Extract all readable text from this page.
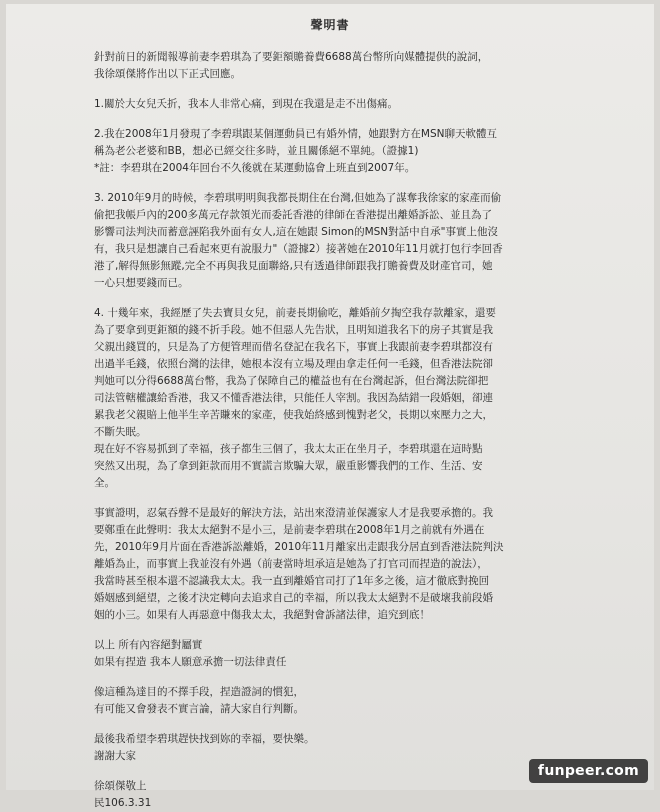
聲明書
針對前日的新聞報導前妻李碧琪為了要鉅額贍養費6688萬台幣所向媒體提供的說詞，
我徐頌傑將作出以下正式回應。
1.關於大女兒夭折，我本人非常心痛，到現在我還是走不出傷痛。
2.我在2008年1月發現了李碧琪跟某個運動員已有婚外情，她跟對方在MSN聊天軟體互
稱為老公老婆和BB，想必已經交往多時，並且關係絕不單純。（證據1)
*註：李碧琪在2004年回台不久後就在某運動協會上班直到2007年。
3. 2010年9月的時候，李碧琪明明與我都長期住在台灣,但她為了謀奪我徐家的家產而偷
偷把我帳戶內的200多萬元存款領光而委託香港的律師在香港提出離婚訴訟、並且為了
影響司法判決而蓄意誣陷我外面有女人,這在她跟 Simon的MSN對話中自承"事實上他沒
有，我只是想讓自己看起來更有說服力"（證據2）接著她在2010年11月就打包行李回香
港了,解得無影無蹤,完全不再與我見面聯絡,只有透過律師跟我打贍養費及財產官司，她
一心只想要錢而已。
4. 十幾年來，我經歷了失去寶貝女兒，前妻長期偷吃，離婚前夕掏空我存款離家，還要
為了要拿到更鉅額的錢不折手段。她不但惡人先告狀，且明知道我名下的房子其實是我
父親出錢買的，只是為了方便管理而借名登記在我名下，事實上我跟前妻李碧琪都沒有
出過半毛錢，依照台灣的法律，她根本沒有立場及理由拿走任何一毛錢，但香港法院卻
判她可以分得6688萬台幣，我為了保障自己的權益也有在台灣起訴，但台灣法院卻把
司法管轄權讓給香港，我又不懂香港法律，只能任人宰割。我因為結錯一段婚姻，卻連
累我老父親賠上他半生辛苦賺來的家產，使我始終感到愧對老父，長期以來壓力之大，
不斷失眠。
現在好不容易抓到了幸福，孩子都生三個了，我太太正在坐月子，李碧琪還在這時點
突然又出現，為了拿到鉅款而用不實謊言欺騙大眾，嚴重影響我們的工作、生活、安
全。
事實證明，忍氣吞聲不是最好的解決方法，站出來澄清並保護家人才是我要承擔的。我
要鄭重在此聲明：我太太絕對不是小三，是前妻李碧琪在2008年1月之前就有外遇在
先，2010年9月片面在香港訴訟離婚，2010年11月離家出走跟我分居直到香港法院判決
離婚為止，而事實上我並沒有外遇（前妻當時坦承這是她為了打官司而捏造的說法），
我當時甚至根本還不認識我太太。我一直到離婚官司打了1年多之後，這才徹底對挽回
婚姻感到絕望，之後才決定轉向去追求自己的幸福，所以我太太絕對不是破壞我前段婚
姻的小三。如果有人再惡意中傷我太太，我絕對會訴諸法律，追究到底！
以上 所有內容絕對屬實
如果有捏造 我本人願意承擔一切法律責任
像這種為達目的不擇手段，捏造證詞的慣犯，
有可能又會發表不實言論，請大家自行判斷。
最後我希望李碧琪趕快找到妳的幸福，要快樂。
謝謝大家
徐頌傑敬上
民106.3.31
funpeer.com
